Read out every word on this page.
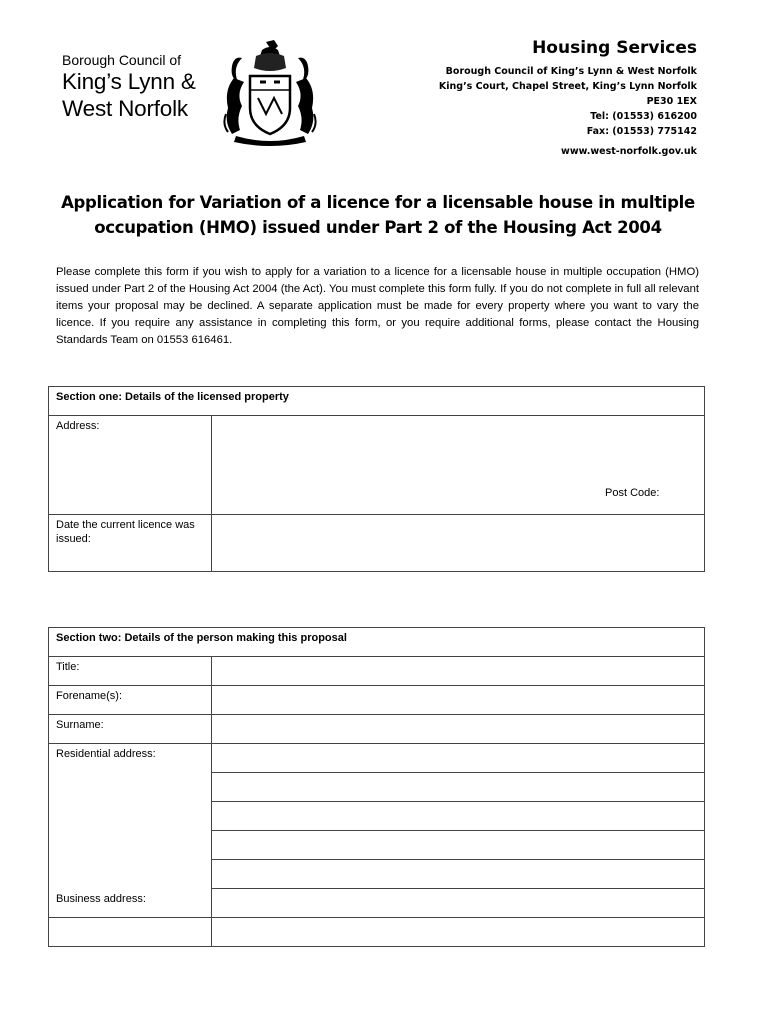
Borough Council of
King’s Lynn &
West Norfolk
Housing Services
Borough Council of King’s Lynn & West Norfolk
King’s Court, Chapel Street, King’s Lynn Norfolk
PE30 1EX
Tel: (01553) 616200
Fax: (01553) 775142
www.west-norfolk.gov.uk
Application for Variation of a licence for a licensable house in multiple occupation (HMO) issued under Part 2 of the Housing Act 2004
Please complete this form if you wish to apply for a variation to a licence for a licensable house in multiple occupation (HMO) issued under Part 2 of the Housing Act 2004 (the Act). You must complete this form fully. If you do not complete in full all relevant items your proposal may be declined. A separate application must be made for every property where you want to vary the licence. If you require any assistance in completing this form, or you require additional forms, please contact the Housing Standards Team on 01553 616461.
Section one: Details of the licensed property	
Address:	Post Code:

Date the current licence was issued:	
Section two: Details of the person making this proposal	
Title:	
Forename(s):	
Surname:	
Residential address:	

Business address:	
